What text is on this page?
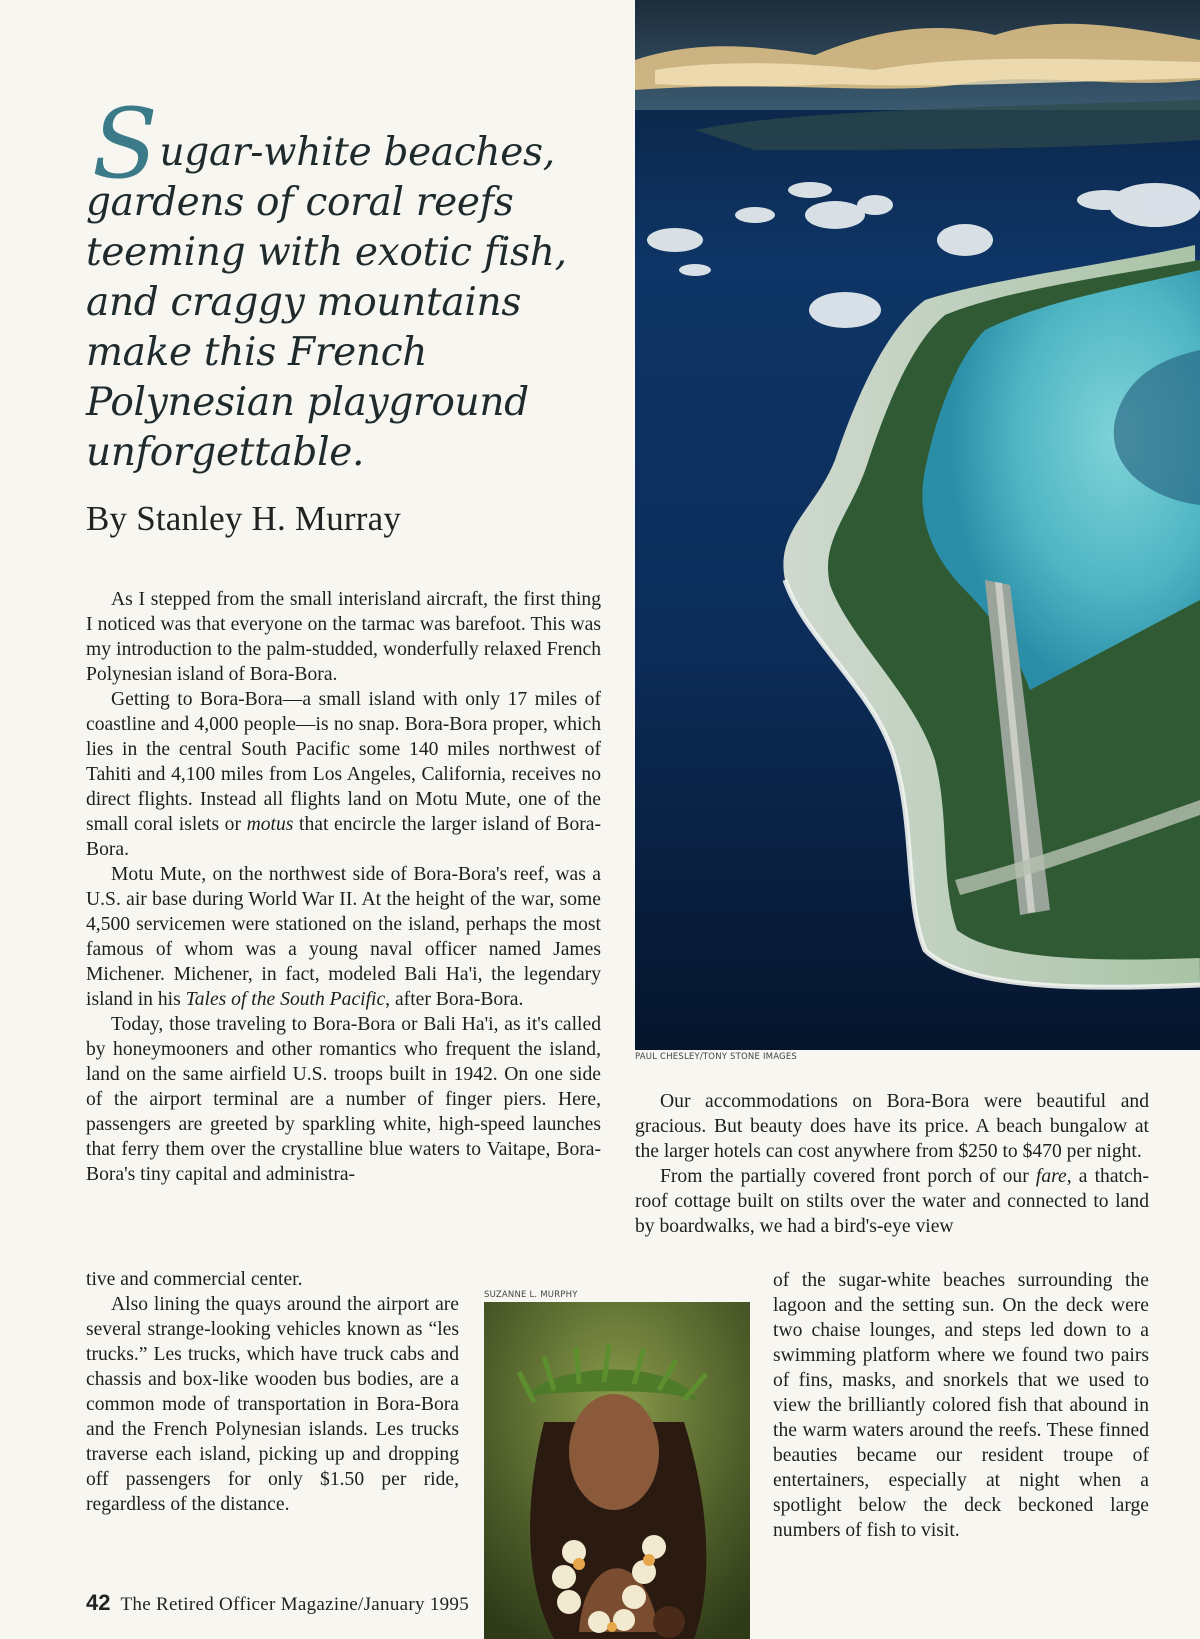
Sugar-white beaches, gardens of coral reefs teeming with exotic fish, and craggy mountains make this French Polynesian playground unforgettable.
By Stanley H. Murray

As I stepped from the small interisland aircraft, the first thing I noticed was that everyone on the tarmac was barefoot. This was my introduction to the palm-studded, wonderfully relaxed French Polynesian island of Bora-Bora.

Getting to Bora-Bora—a small island with only 17 miles of coastline and 4,000 people—is no snap. Bora-Bora proper, which lies in the central South Pacific some 140 miles northwest of Tahiti and 4,100 miles from Los Angeles, California, receives no direct flights. Instead all flights land on Motu Mute, one of the small coral islets or motus that encircle the larger island of Bora-Bora.

Motu Mute, on the northwest side of Bora-Bora's reef, was a U.S. air base during World War II. At the height of the war, some 4,500 servicemen were stationed on the island, perhaps the most famous of whom was a young naval officer named James Michener. Michener, in fact, modeled Bali Ha'i, the legendary island in his Tales of the South Pacific, after Bora-Bora.

Today, those traveling to Bora-Bora or Bali Ha'i, as it's called by honeymooners and other romantics who frequent the island, land on the same airfield U.S. troops built in 1942. On one side of the airport terminal are a number of finger piers. Here, passengers are greeted by sparkling white, high-speed launches that ferry them over the crystalline blue waters to Vaitape, Bora-Bora's tiny capital and administra-

tive and commercial center.

Also lining the quays around the airport are several strange-looking vehicles known as “les trucks.” Les trucks, which have truck cabs and chassis and box-like wooden bus bodies, are a common mode of transportation in Bora-Bora and the French Polynesian islands. Les trucks traverse each island, picking up and dropping off passengers for only $1.50 per ride, regardless of the distance.

PAUL CHESLEY/TONY STONE IMAGES
SUZANNE L. MURPHY

Our accommodations on Bora-Bora were beautiful and gracious. But beauty does have its price. A beach bungalow at the larger hotels can cost anywhere from $250 to $470 per night.

From the partially covered front porch of our fare, a thatch-roof cottage built on stilts over the water and connected to land by boardwalks, we had a bird's-eye view

of the sugar-white beaches surrounding the lagoon and the setting sun. On the deck were two chaise lounges, and steps led down to a swimming platform where we found two pairs of fins, masks, and snorkels that we used to view the brilliantly colored fish that abound in the warm waters around the reefs. These finned beauties became our resident troupe of entertainers, especially at night when a spotlight below the deck beckoned large numbers of fish to visit.

42 The Retired Officer Magazine/January 1995
